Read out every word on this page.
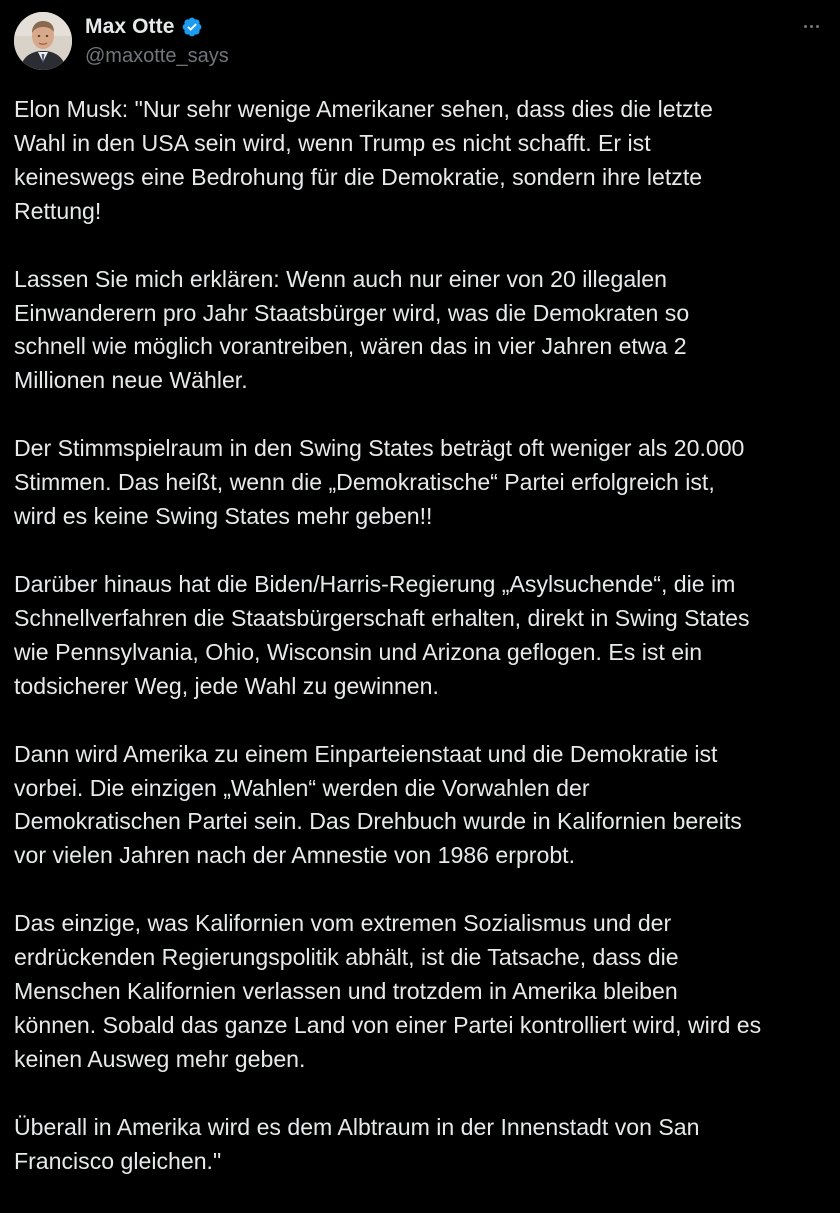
Max Otte
@maxotte_says

Elon Musk: "Nur sehr wenige Amerikaner sehen, dass dies die letzte
Wahl in den USA sein wird, wenn Trump es nicht schafft. Er ist
keineswegs eine Bedrohung für die Demokratie, sondern ihre letzte
Rettung!

Lassen Sie mich erklären: Wenn auch nur einer von 20 illegalen
Einwanderern pro Jahr Staatsbürger wird, was die Demokraten so
schnell wie möglich vorantreiben, wären das in vier Jahren etwa 2
Millionen neue Wähler.

Der Stimmspielraum in den Swing States beträgt oft weniger als 20.000
Stimmen. Das heißt, wenn die „Demokratische“ Partei erfolgreich ist,
wird es keine Swing States mehr geben!!

Darüber hinaus hat die Biden/Harris-Regierung „Asylsuchende“, die im
Schnellverfahren die Staatsbürgerschaft erhalten, direkt in Swing States
wie Pennsylvania, Ohio, Wisconsin und Arizona geflogen. Es ist ein
todsicherer Weg, jede Wahl zu gewinnen.

Dann wird Amerika zu einem Einparteienstaat und die Demokratie ist
vorbei. Die einzigen „Wahlen“ werden die Vorwahlen der
Demokratischen Partei sein. Das Drehbuch wurde in Kalifornien bereits
vor vielen Jahren nach der Amnestie von 1986 erprobt.

Das einzige, was Kalifornien vom extremen Sozialismus und der
erdrückenden Regierungspolitik abhält, ist die Tatsache, dass die
Menschen Kalifornien verlassen und trotzdem in Amerika bleiben
können. Sobald das ganze Land von einer Partei kontrolliert wird, wird es
keinen Ausweg mehr geben.

Überall in Amerika wird es dem Albtraum in der Innenstadt von San
Francisco gleichen."
